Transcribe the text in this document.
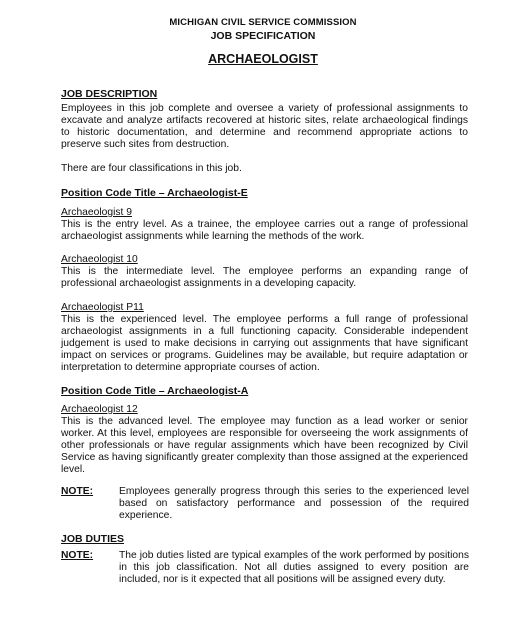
MICHIGAN CIVIL SERVICE COMMISSION
JOB SPECIFICATION
ARCHAEOLOGIST
JOB DESCRIPTION

Employees in this job complete and oversee a variety of professional assignments to excavate and analyze artifacts recovered at historic sites, relate archaeological findings to historic documentation, and determine and recommend appropriate actions to preserve such sites from destruction.

There are four classifications in this job.

Position Code Title – Archaeologist-E
Archaeologist 9

This is the entry level. As a trainee, the employee carries out a range of professional archaeologist assignments while learning the methods of the work.

Archaeologist 10

This is the intermediate level. The employee performs an expanding range of professional archaeologist assignments in a developing capacity.

Archaeologist P11

This is the experienced level. The employee performs a full range of professional archaeologist assignments in a full functioning capacity. Considerable independent judgement is used to make decisions in carrying out assignments that have significant impact on services or programs. Guidelines may be available, but require adaptation or interpretation to determine appropriate courses of action.

Position Code Title – Archaeologist-A
Archaeologist 12

This is the advanced level. The employee may function as a lead worker or senior worker. At this level, employees are responsible for overseeing the work assignments of other professionals or have regular assignments which have been recognized by Civil Service as having significantly greater complexity than those assigned at the experienced level.

NOTE:	Employees generally progress through this series to the experienced level based on satisfactory performance and possession of the required experience.
JOB DUTIES
NOTE:	The job duties listed are typical examples of the work performed by positions in this job classification. Not all duties assigned to every position are included, nor is it expected that all positions will be assigned every duty.
